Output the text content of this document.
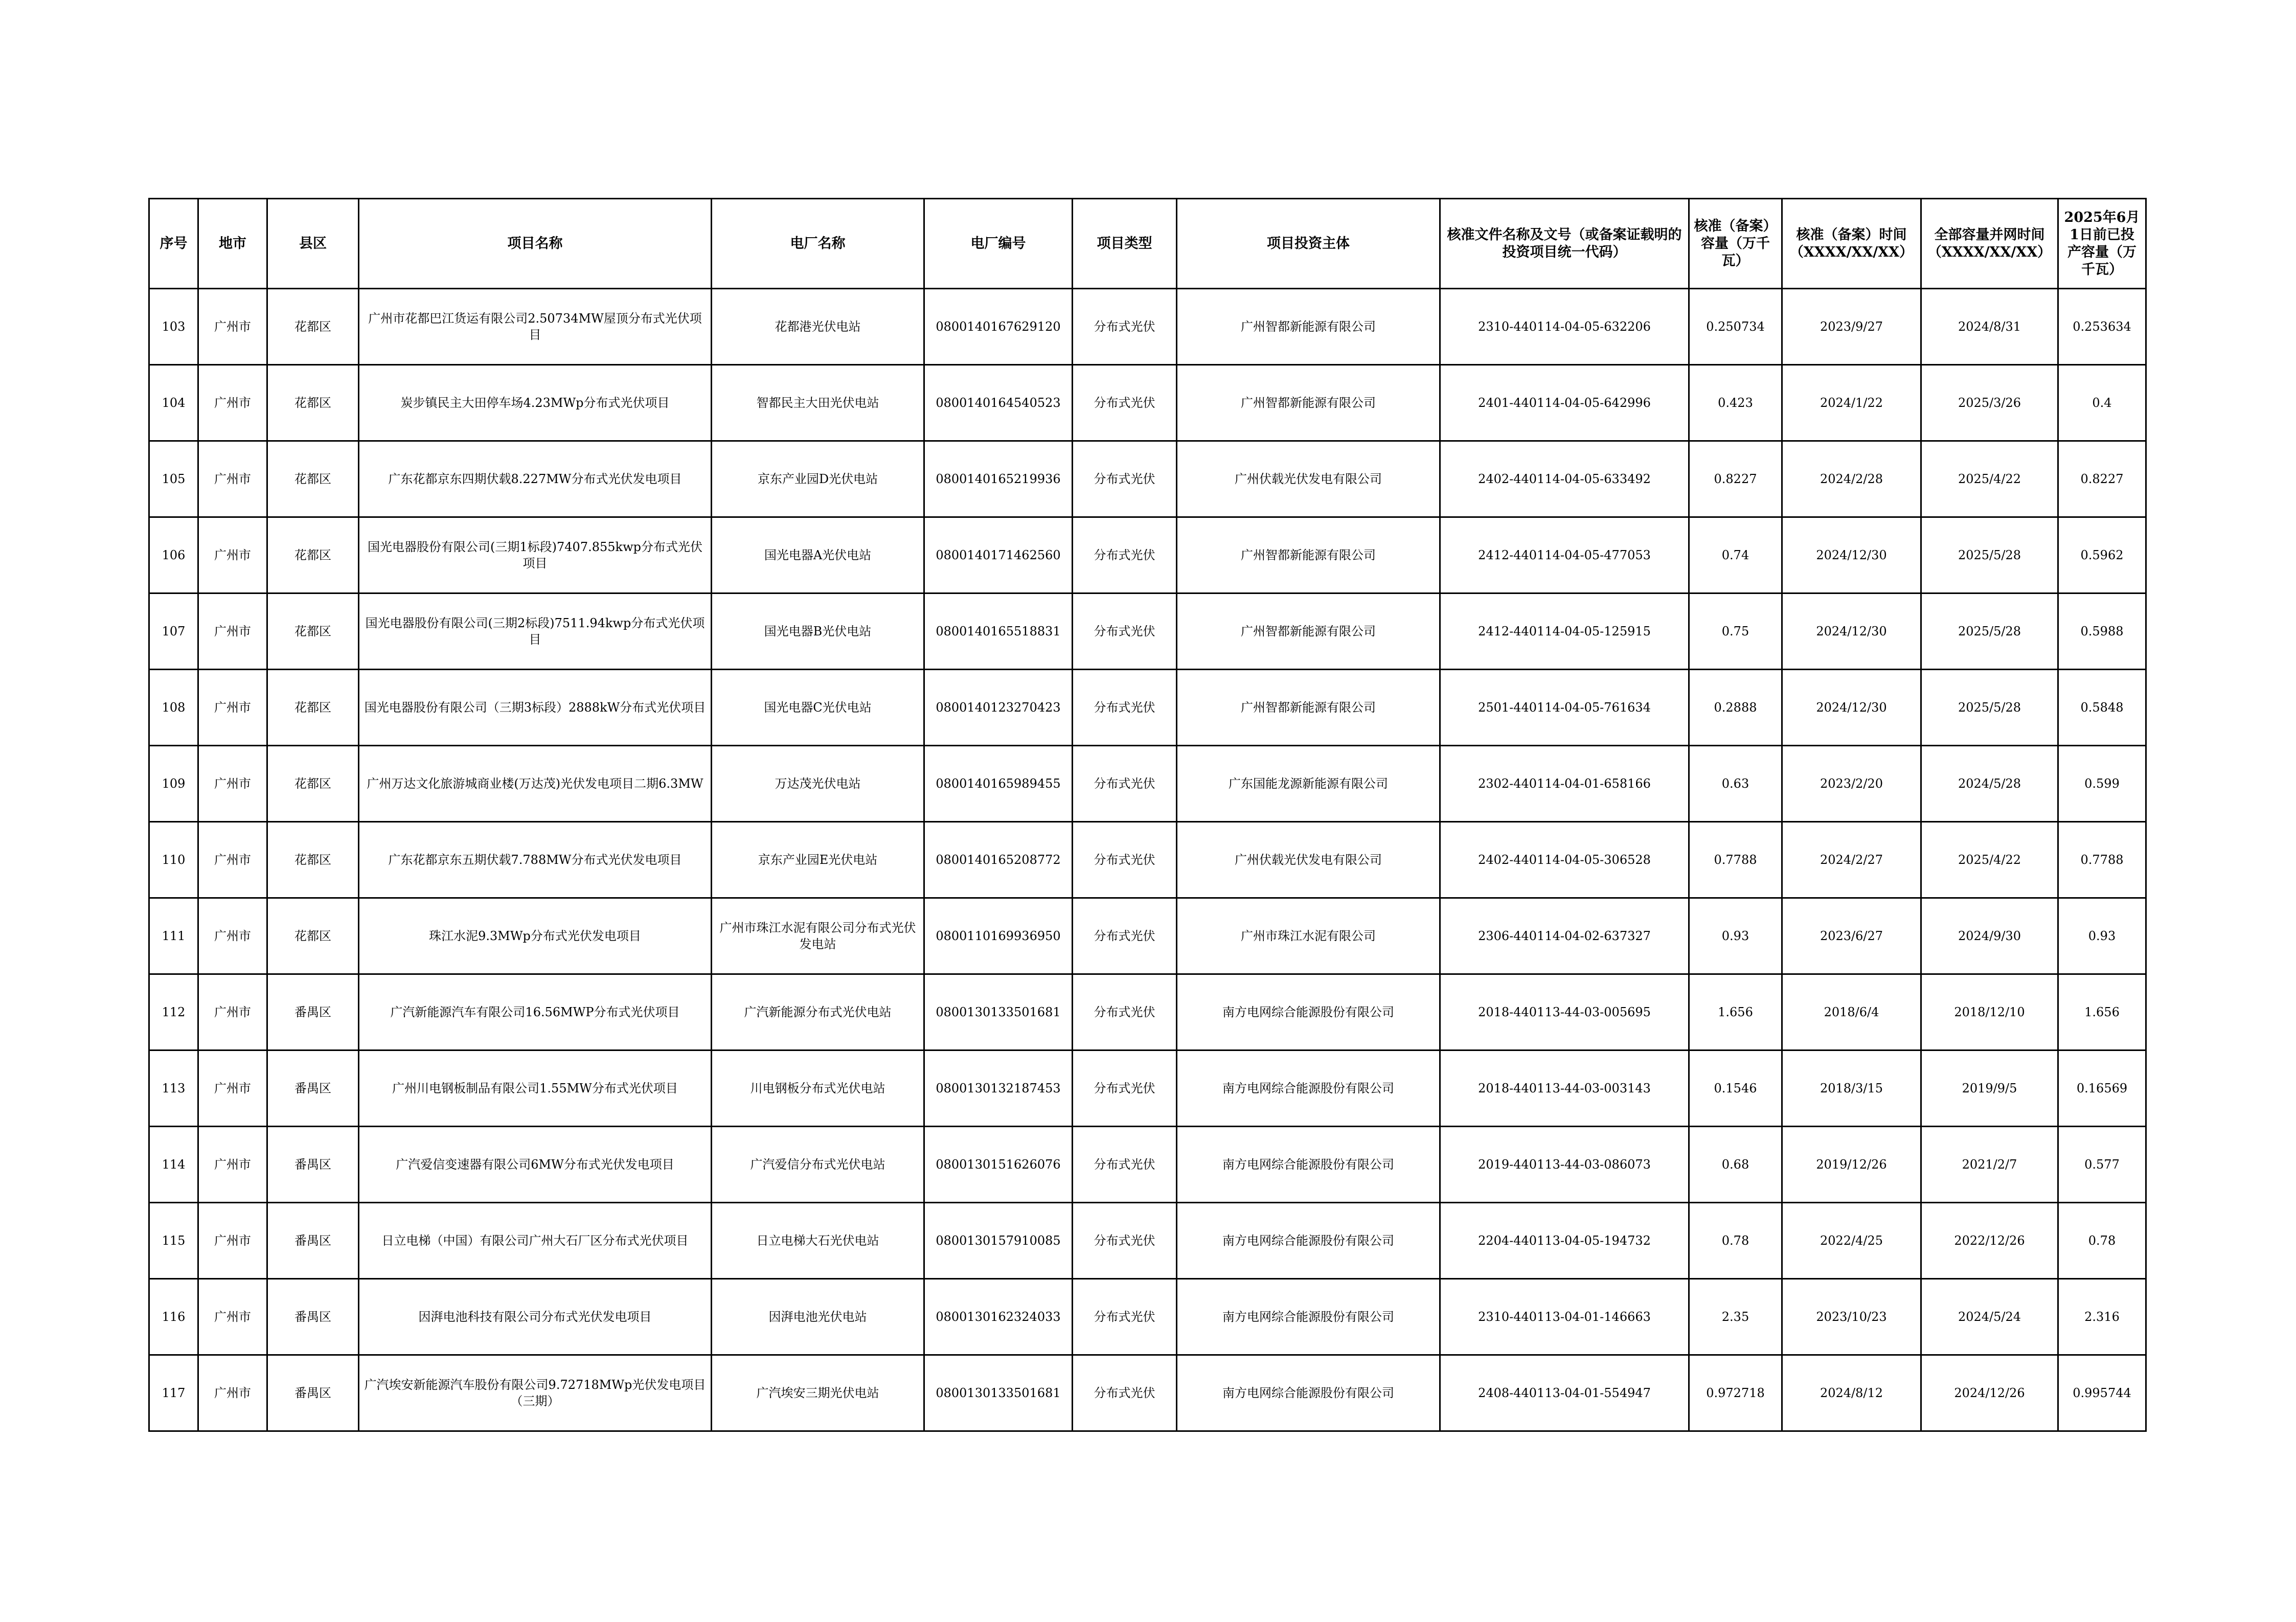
序号	地市	县区	项目名称	电厂名称	电厂编号	项目类型	项目投资主体	核准文件名称及文号（或备案证载明的投资项目统一代码）	核准（备案）容量（万千瓦）	核准（备案）时间（XXXX/XX/XX）	全部容量并网时间（XXXX/XX/XX）	2025年6月1日前已投产容量（万千瓦）
103	广州市	花都区	广州市花都巴江货运有限公司2.50734MW屋顶分布式光伏项目	花都港光伏电站	0800140167629120	分布式光伏	广州智都新能源有限公司	2310-440114-04-05-632206	0.250734	2023/9/27	2024/8/31	0.253634
104	广州市	花都区	炭步镇民主大田停车场4.23MWp分布式光伏项目	智都民主大田光伏电站	0800140164540523	分布式光伏	广州智都新能源有限公司	2401-440114-04-05-642996	0.423	2024/1/22	2025/3/26	0.4
105	广州市	花都区	广东花都京东四期伏载8.227MW分布式光伏发电项目	京东产业园D光伏电站	0800140165219936	分布式光伏	广州伏载光伏发电有限公司	2402-440114-04-05-633492	0.8227	2024/2/28	2025/4/22	0.8227
106	广州市	花都区	国光电器股份有限公司(三期1标段)7407.855kwp分布式光伏项目	国光电器A光伏电站	0800140171462560	分布式光伏	广州智都新能源有限公司	2412-440114-04-05-477053	0.74	2024/12/30	2025/5/28	0.5962
107	广州市	花都区	国光电器股份有限公司(三期2标段)7511.94kwp分布式光伏项目	国光电器B光伏电站	0800140165518831	分布式光伏	广州智都新能源有限公司	2412-440114-04-05-125915	0.75	2024/12/30	2025/5/28	0.5988
108	广州市	花都区	国光电器股份有限公司（三期3标段）2888kW分布式光伏项目	国光电器C光伏电站	0800140123270423	分布式光伏	广州智都新能源有限公司	2501-440114-04-05-761634	0.2888	2024/12/30	2025/5/28	0.5848
109	广州市	花都区	广州万达文化旅游城商业楼(万达茂)光伏发电项目二期6.3MW	万达茂光伏电站	0800140165989455	分布式光伏	广东国能龙源新能源有限公司	2302-440114-04-01-658166	0.63	2023/2/20	2024/5/28	0.599
110	广州市	花都区	广东花都京东五期伏载7.788MW分布式光伏发电项目	京东产业园E光伏电站	0800140165208772	分布式光伏	广州伏载光伏发电有限公司	2402-440114-04-05-306528	0.7788	2024/2/27	2025/4/22	0.7788
111	广州市	花都区	珠江水泥9.3MWp分布式光伏发电项目	广州市珠江水泥有限公司分布式光伏发电站	0800110169936950	分布式光伏	广州市珠江水泥有限公司	2306-440114-04-02-637327	0.93	2023/6/27	2024/9/30	0.93
112	广州市	番禺区	广汽新能源汽车有限公司16.56MWP分布式光伏项目	广汽新能源分布式光伏电站	0800130133501681	分布式光伏	南方电网综合能源股份有限公司	2018-440113-44-03-005695	1.656	2018/6/4	2018/12/10	1.656
113	广州市	番禺区	广州川电钢板制品有限公司1.55MW分布式光伏项目	川电钢板分布式光伏电站	0800130132187453	分布式光伏	南方电网综合能源股份有限公司	2018-440113-44-03-003143	0.1546	2018/3/15	2019/9/5	0.16569
114	广州市	番禺区	广汽爱信变速器有限公司6MW分布式光伏发电项目	广汽爱信分布式光伏电站	0800130151626076	分布式光伏	南方电网综合能源股份有限公司	2019-440113-44-03-086073	0.68	2019/12/26	2021/2/7	0.577
115	广州市	番禺区	日立电梯（中国）有限公司广州大石厂区分布式光伏项目	日立电梯大石光伏电站	0800130157910085	分布式光伏	南方电网综合能源股份有限公司	2204-440113-04-05-194732	0.78	2022/4/25	2022/12/26	0.78
116	广州市	番禺区	因湃电池科技有限公司分布式光伏发电项目	因湃电池光伏电站	0800130162324033	分布式光伏	南方电网综合能源股份有限公司	2310-440113-04-01-146663	2.35	2023/10/23	2024/5/24	2.316
117	广州市	番禺区	广汽埃安新能源汽车股份有限公司9.72718MWp光伏发电项目（三期）	广汽埃安三期光伏电站	0800130133501681	分布式光伏	南方电网综合能源股份有限公司	2408-440113-04-01-554947	0.972718	2024/8/12	2024/12/26	0.995744
